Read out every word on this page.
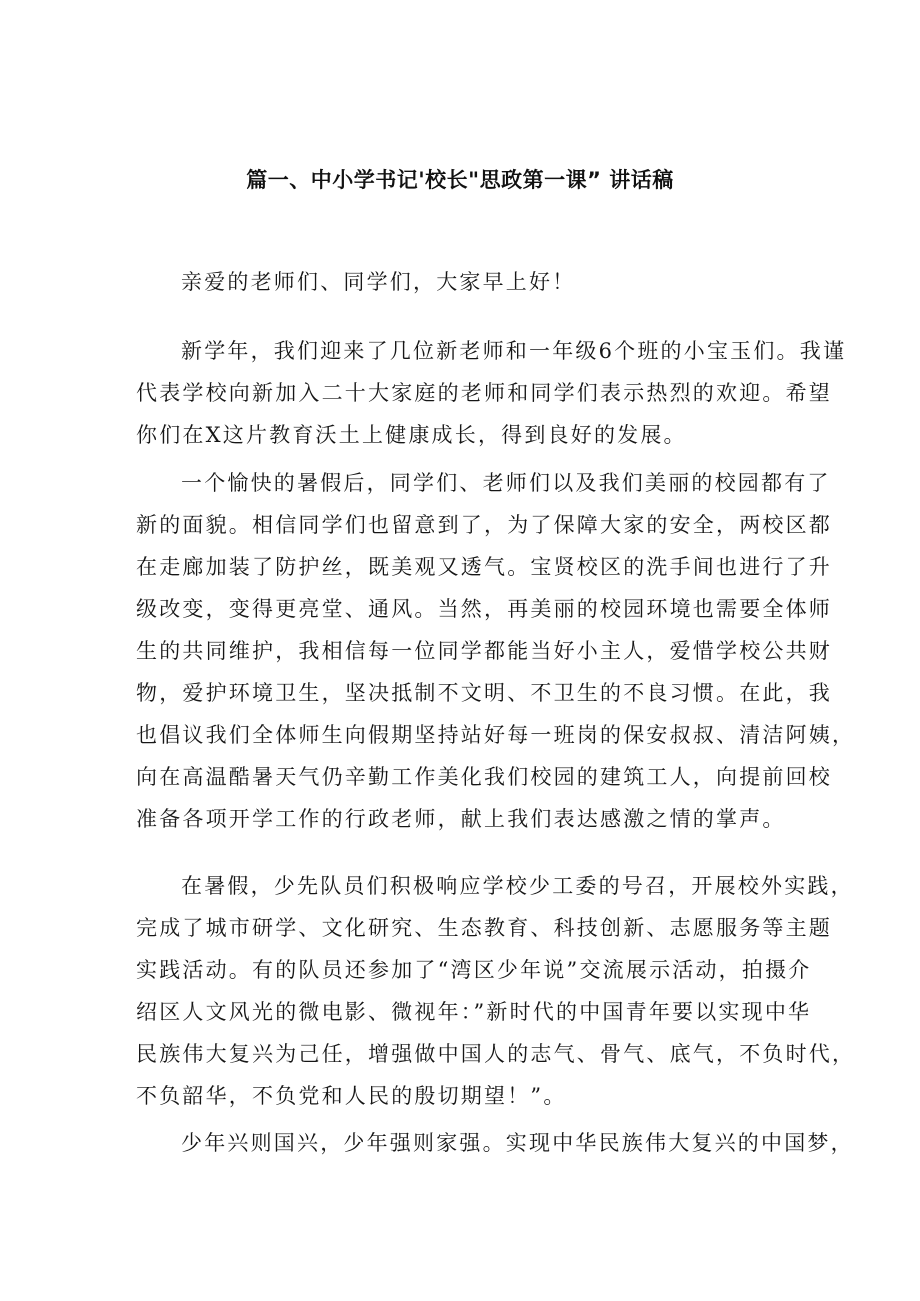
篇一、中小学书记'校长"思政第一课” 讲话稿
亲爱的老师们、同学们，大家早上好！
新学年，我们迎来了几位新老师和一年级6个班的小宝玉们。我谨
代表学校向新加入二十大家庭的老师和同学们表示热烈的欢迎。希望
你们在X这片教育沃土上健康成长，得到良好的发展。
一个愉快的暑假后，同学们、老师们以及我们美丽的校园都有了
新的面貌。相信同学们也留意到了，为了保障大家的安全，两校区都
在走廊加装了防护丝，既美观又透气。宝贤校区的洗手间也进行了升
级改变，变得更亮堂、通风。当然，再美丽的校园环境也需要全体师
生的共同维护，我相信每一位同学都能当好小主人，爱惜学校公共财
物，爱护环境卫生，坚决抵制不文明、不卫生的不良习惯。在此，我
也倡议我们全体师生向假期坚持站好每一班岗的保安叔叔、清洁阿姨，
向在高温酷暑天气仍辛勤工作美化我们校园的建筑工人，向提前回校
准备各项开学工作的行政老师，献上我们表达感激之情的掌声。
在暑假，少先队员们积极响应学校少工委的号召，开展校外实践，
完成了城市研学、文化研究、生态教育、科技创新、志愿服务等主题
实践活动。有的队员还参加了“湾区少年说”交流展示活动，拍摄介
绍区人文风光的微电影、微视年：”新时代的中国青年要以实现中华
民族伟大复兴为己任，增强做中国人的志气、骨气、底气，不负时代，
不负韶华，不负党和人民的殷切期望！”。
少年兴则国兴，少年强则家强。实现中华民族伟大复兴的中国梦，
